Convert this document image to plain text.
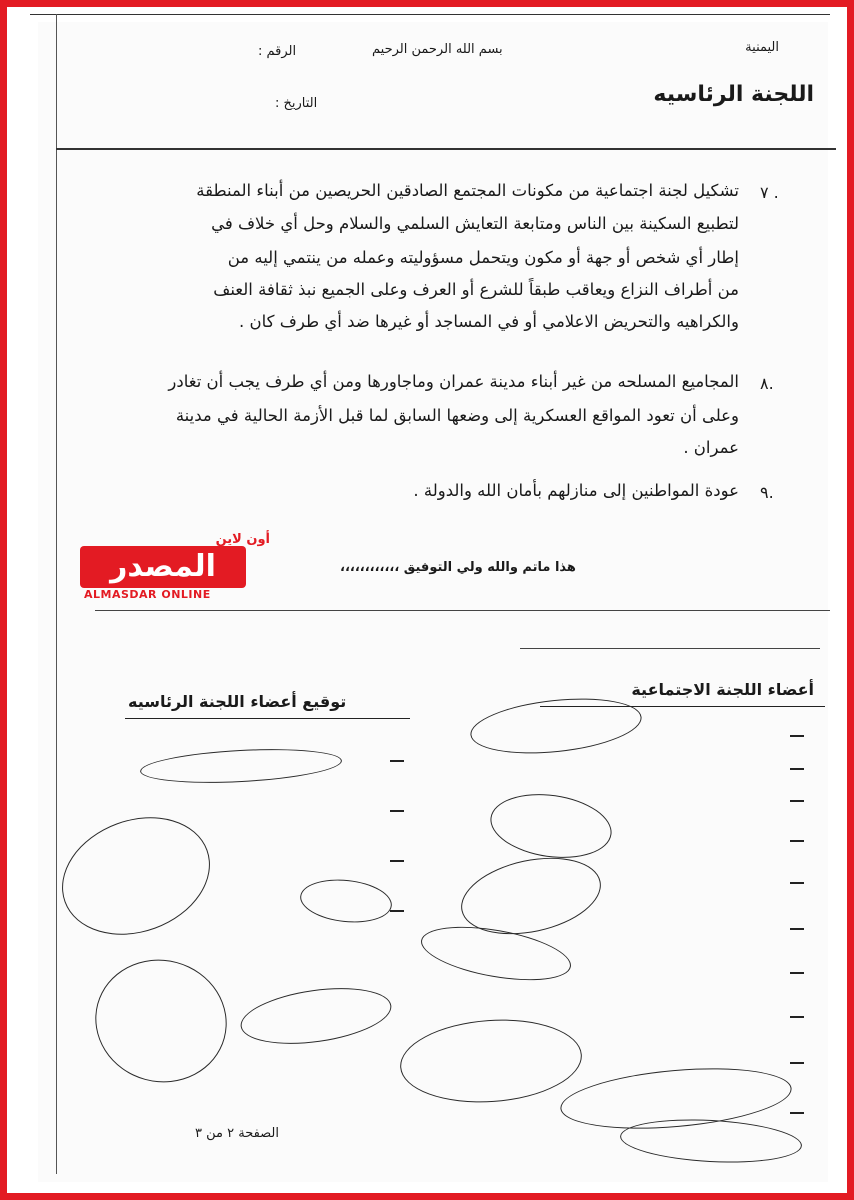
اليمنية
بسم الله الرحمن الرحيم
الرقم :
اللجنة الرئاسيه
التاريخ :
٧ .
تشكيل لجنة اجتماعية من مكونات المجتمع الصادقين الحريصين من أبناء المنطقة
لتطبيع السكينة بين الناس ومتابعة التعايش السلمي والسلام وحل أي خلاف في
إطار أي شخص أو جهة أو مكون ويتحمل مسؤوليته وعمله من ينتمي إليه من
من أطراف النزاع ويعاقب طبقاً للشرع أو العرف وعلى الجميع نبذ ثقافة العنف
والكراهيه والتحريض الاعلامي أو في المساجد أو غيرها ضد أي طرف كان .
٨.
المجاميع المسلحه من غير أبناء مدينة عمران وماجاورها ومن أي طرف يجب أن تغادر
وعلى أن تعود المواقع العسكرية إلى وضعها السابق لما قبل الأزمة الحالية في مدينة
عمران .
٩.
عودة المواطنين إلى منازلهم بأمان الله والدولة .
هذا ماتم والله ولي التوفيق ،،،،،،،،،،،،
المصدر
أون لاين
ALMASDAR ONLINE
أعضاء اللجنة الاجتماعية
توقيع أعضاء اللجنة الرئاسيه
الصفحة ٢ من ٣
